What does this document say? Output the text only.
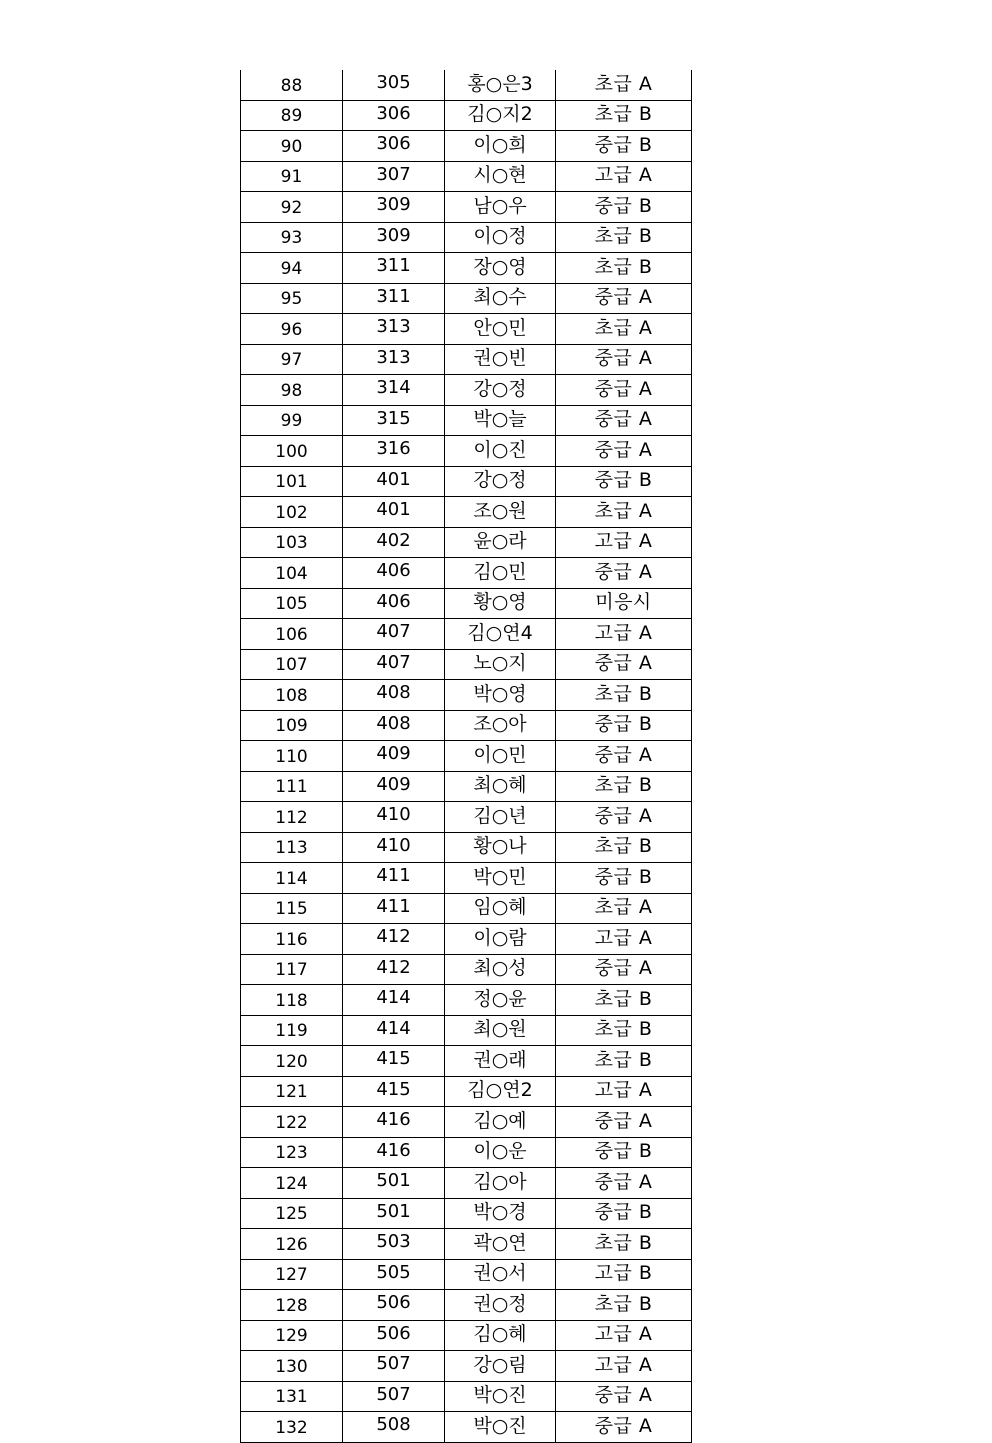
88	305	홍○은3	초급 A
89	306	김○지2	초급 B
90	306	이○희	중급 B
91	307	시○현	고급 A
92	309	남○우	중급 B
93	309	이○정	초급 B
94	311	장○영	초급 B
95	311	최○수	중급 A
96	313	안○민	초급 A
97	313	권○빈	중급 A
98	314	강○정	중급 A
99	315	박○늘	중급 A
100	316	이○진	중급 A
101	401	강○정	중급 B
102	401	조○원	초급 A
103	402	윤○라	고급 A
104	406	김○민	중급 A
105	406	황○영	미응시
106	407	김○연4	고급 A
107	407	노○지	중급 A
108	408	박○영	초급 B
109	408	조○아	중급 B
110	409	이○민	중급 A
111	409	최○혜	초급 B
112	410	김○년	중급 A
113	410	황○나	초급 B
114	411	박○민	중급 B
115	411	임○혜	초급 A
116	412	이○람	고급 A
117	412	최○성	중급 A
118	414	정○윤	초급 B
119	414	최○원	초급 B
120	415	권○래	초급 B
121	415	김○연2	고급 A
122	416	김○예	중급 A
123	416	이○운	중급 B
124	501	김○아	중급 A
125	501	박○경	중급 B
126	503	곽○연	초급 B
127	505	권○서	고급 B
128	506	권○정	초급 B
129	506	김○혜	고급 A
130	507	강○림	고급 A
131	507	박○진	중급 A
132	508	박○진	중급 A
